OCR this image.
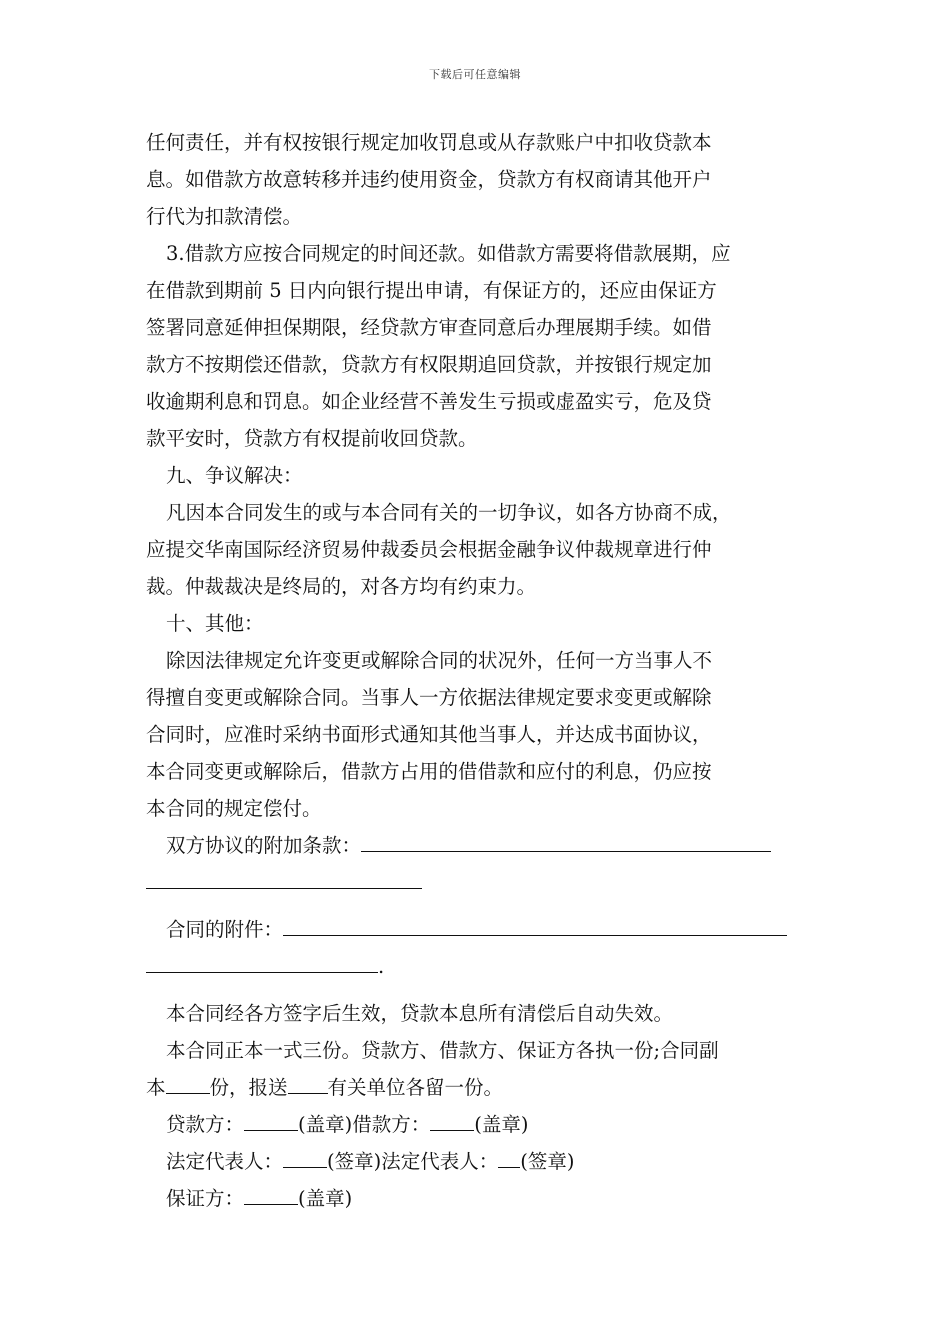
下载后可任意编辑

任何责任，并有权按银行规定加收罚息或从存款账户中扣收贷款本

息。如借款方故意转移并违约使用资金，贷款方有权商请其他开户

行代为扣款清偿。

3.借款方应按合同规定的时间还款。如借款方需要将借款展期，应

在借款到期前 5 日内向银行提出申请，有保证方的，还应由保证方

签署同意延伸担保期限，经贷款方审查同意后办理展期手续。如借

款方不按期偿还借款，贷款方有权限期追回贷款，并按银行规定加

收逾期利息和罚息。如企业经营不善发生亏损或虚盈实亏，危及贷

款平安时，贷款方有权提前收回贷款。

九、争议解决：

凡因本合同发生的或与本合同有关的一切争议，如各方协商不成，

应提交华南国际经济贸易仲裁委员会根据金融争议仲裁规章进行仲

裁。仲裁裁决是终局的，对各方均有约束力。

十、其他：

除因法律规定允许变更或解除合同的状况外，任何一方当事人不

得擅自变更或解除合同。当事人一方依据法律规定要求变更或解除

合同时，应准时采纳书面形式通知其他当事人，并达成书面协议，

本合同变更或解除后，借款方占用的借借款和应付的利息，仍应按

本合同的规定偿付。

双方协议的附加条款：

合同的附件：

.

本合同经各方签字后生效，贷款本息所有清偿后自动失效。

本合同正本一式三份。贷款方、借款方、保证方各执一份;合同副

本 份，报送 有关单位各留一份。

贷款方：	(盖章)借款方： (盖章)

法定代表人： (签章)法定代表人： (签章)

保证方：	(盖章)
